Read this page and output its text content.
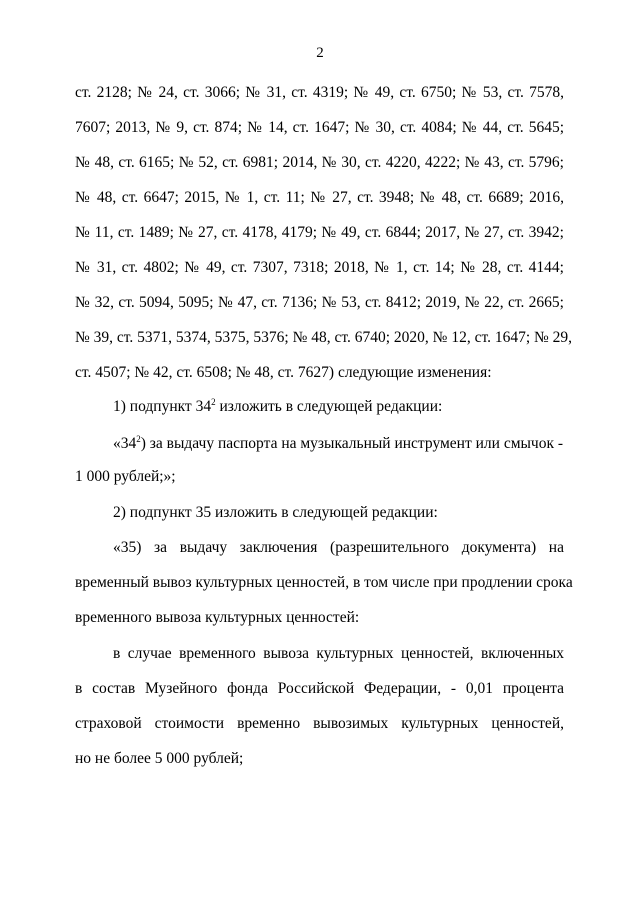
2
ст. 2128; № 24, ст. 3066; № 31, ст. 4319; № 49, ст. 6750; № 53, ст. 7578,
7607; 2013, № 9, ст. 874; № 14, ст. 1647; № 30, ст. 4084; № 44, ст. 5645;
№ 48, ст. 6165; № 52, ст. 6981; 2014, № 30, ст. 4220, 4222; № 43, ст. 5796;
№ 48, ст. 6647; 2015, № 1, ст. 11; № 27, ст. 3948; № 48, ст. 6689; 2016,
№ 11, ст. 1489; № 27, ст. 4178, 4179; № 49, ст. 6844; 2017, № 27, ст. 3942;
№ 31, ст. 4802; № 49, ст. 7307, 7318; 2018, № 1, ст. 14; № 28, ст. 4144;
№ 32, ст. 5094, 5095; № 47, ст. 7136; № 53, ст. 8412; 2019, № 22, ст. 2665;
№ 39, ст. 5371, 5374, 5375, 5376; № 48, ст. 6740; 2020, № 12, ст. 1647; № 29,
ст. 4507; № 42, ст. 6508; № 48, ст. 7627) следующие изменения:
1) подпункт $34^2$ изложить в следующей редакции:
«$34^2$) за выдачу паспорта на музыкальный инструмент или смычок -
1 000 рублей;»;
2) подпункт 35 изложить в следующей редакции:
«35) за выдачу заключения (разрешительного документа) на
временный вывоз культурных ценностей, в том числе при продлении срока
временного вывоза культурных ценностей:
в случае временного вывоза культурных ценностей, включенных
в состав Музейного фонда Российской Федерации, - 0,01 процента
страховой стоимости временно вывозимых культурных ценностей,
но не более 5 000 рублей;
